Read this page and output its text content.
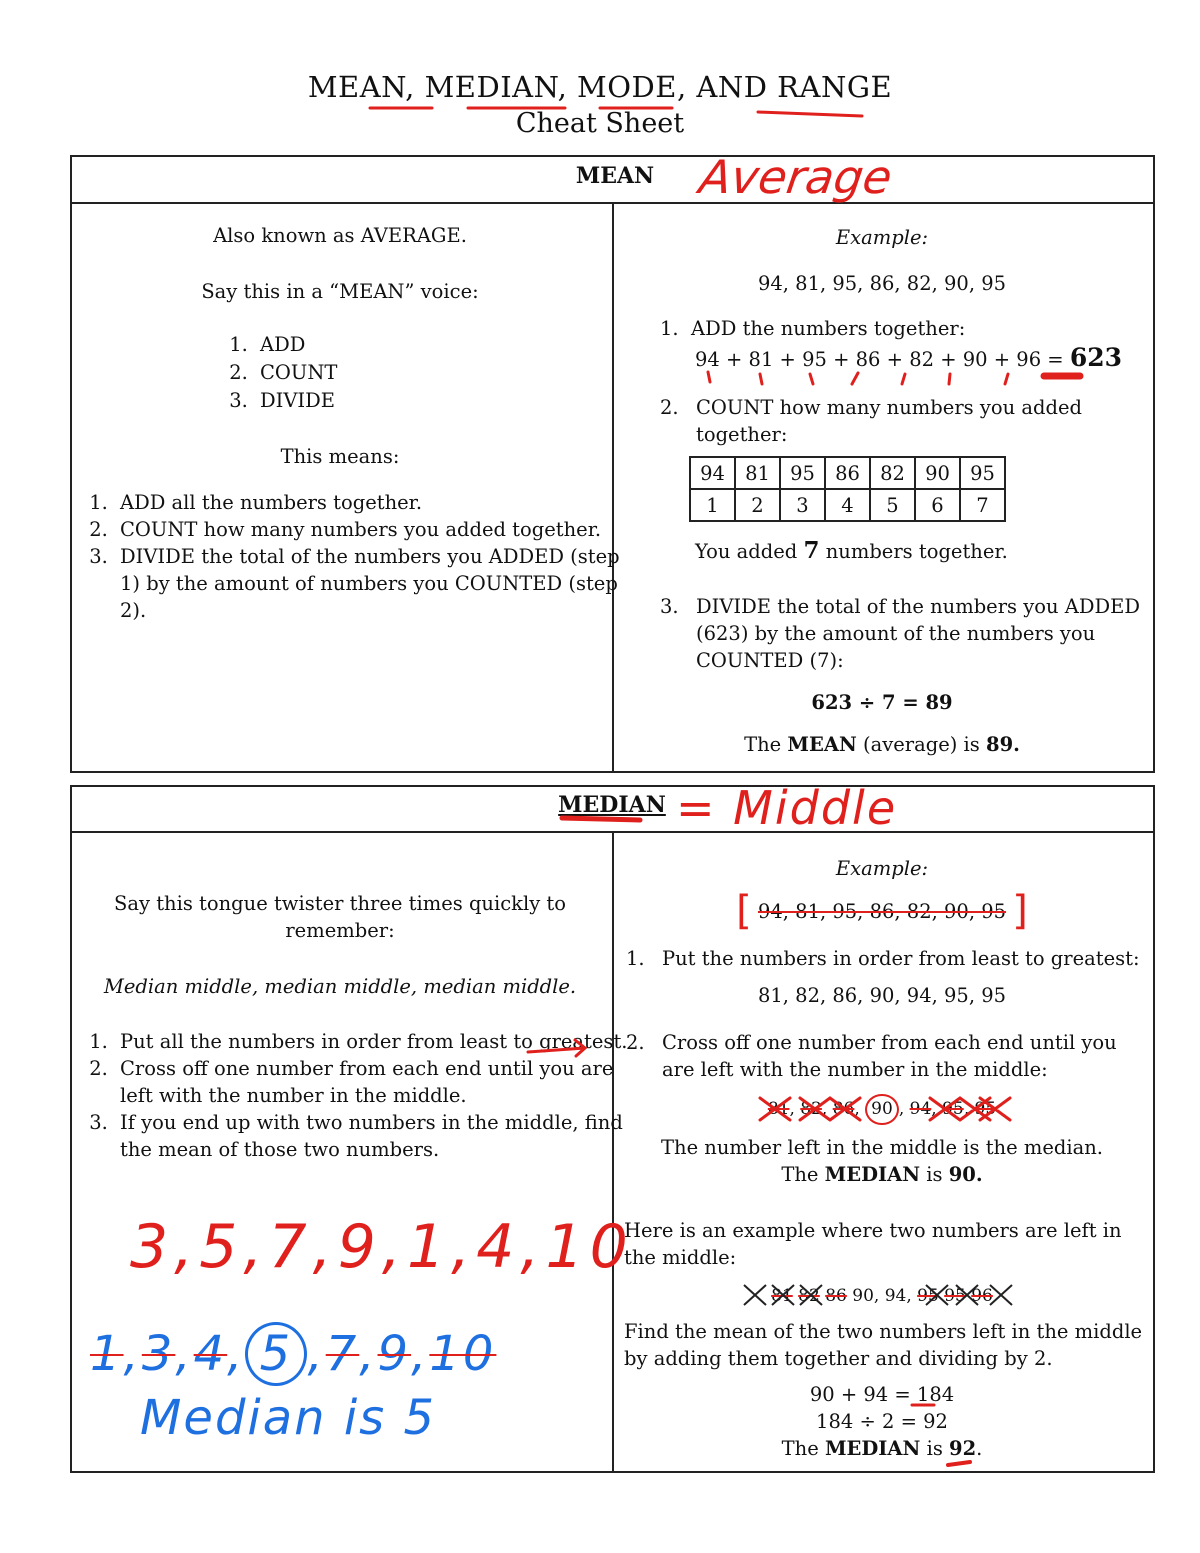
MEAN, MEDIAN, MODE, AND RANGE
Cheat Sheet
MEAN Average
Also known as AVERAGE.
Say this in a “MEAN” voice:
1. ADD
2. COUNT
3. DIVIDE
This means:
1. ADD all the numbers together.
2. COUNT how many numbers you added together.
3. DIVIDE the total of the numbers you ADDED (step 1) by the amount of numbers you COUNTED (step 2).
Example:
94, 81, 95, 86, 82, 90, 95
1.  ADD the numbers together:
94 + 81 + 95 + 86 + 82 + 90 + 96 = 623
2. COUNT how many numbers you added together:
94	81	95	86	82	90	95
1	2	3	4	5	6	7
You added 7 numbers together.
3. DIVIDE the total of the numbers you ADDED (623) by the amount of the numbers you COUNTED (7):
623 ÷ 7 = 89
The MEAN (average) is 89.
MEDIAN = Middle
Say this tongue twister three times quickly to remember:
Median middle, median middle, median middle.
1. Put all the numbers in order from least to greatest.
2. Cross off one number from each end until you are left with the number in the middle.
3. If you end up with two numbers in the middle, find the mean of those two numbers.
3,5,7,9,1,4,10
1,3,4, 5 ,7,9,10
Median is 5
Example:
[ 94, 81, 95, 86, 82, 90, 95 ]
1. Put the numbers in order from least to greatest:
81, 82, 86, 90, 94, 95, 95
2. Cross off one number from each end until you are left with the number in the middle:
81, 82, 86, 90 , 94, 95, 95
The number left in the middle is the median.
The MEDIAN is 90.
Here is an example where two numbers are left in the middle:
81 82 86 90, 94, 95 95 96
Find the mean of the two numbers left in the middle by adding them together and dividing by 2.
90 + 94 = 184
184 ÷ 2 = 92
The MEDIAN is 92.
